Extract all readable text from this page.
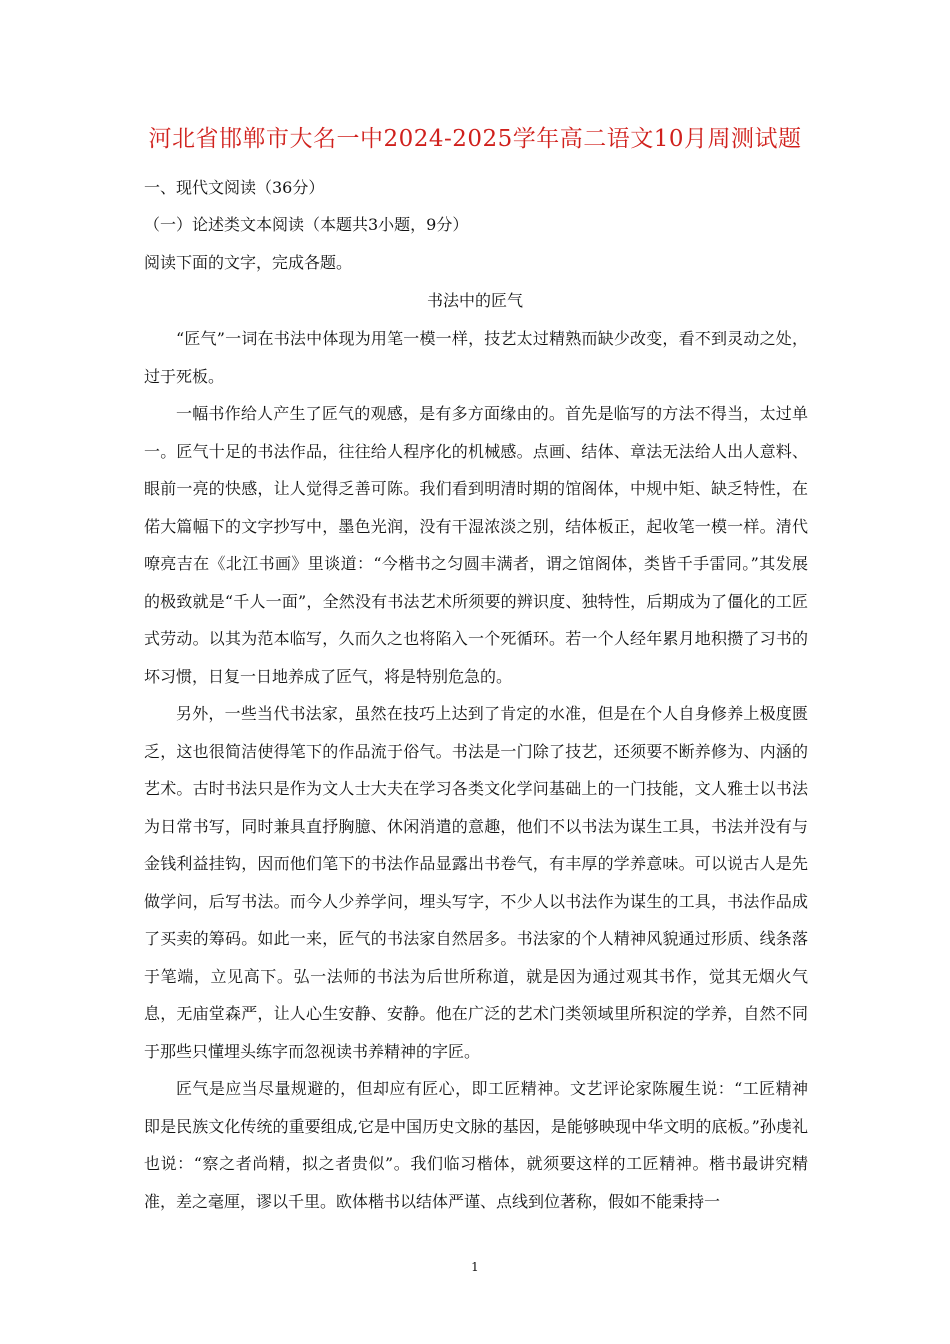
河北省邯郸市大名一中2024-2025学年高二语文10月周测试题
一、现代文阅读（36分）
（一）论述类文本阅读（本题共3小题，9分）
阅读下面的文字，完成各题。
书法中的匠气

“匠气”一词在书法中体现为用笔一模一样，技艺太过精熟而缺少改变，看不到灵动之处，过于死板。

一幅书作给人产生了匠气的观感，是有多方面缘由的。首先是临写的方法不得当，太过单一。匠气十足的书法作品，往往给人程序化的机械感。点画、结体、章法无法给人出人意料、眼前一亮的快感，让人觉得乏善可陈。我们看到明清时期的馆阁体，中规中矩、缺乏特性，在偌大篇幅下的文字抄写中，墨色光润，没有干湿浓淡之别，结体板正，起收笔一模一样。清代嘹亮吉在《北江书画》里谈道：“今楷书之匀圆丰满者，谓之馆阁体，类皆千手雷同。”其发展的极致就是“千人一面”，全然没有书法艺术所须要的辨识度、独特性，后期成为了僵化的工匠式劳动。以其为范本临写，久而久之也将陷入一个死循环。若一个人经年累月地积攒了习书的坏习惯，日复一日地养成了匠气，将是特别危急的。

另外，一些当代书法家，虽然在技巧上达到了肯定的水准，但是在个人自身修养上极度匮乏，这也很简洁使得笔下的作品流于俗气。书法是一门除了技艺，还须要不断养修为、内涵的艺术。古时书法只是作为文人士大夫在学习各类文化学问基础上的一门技能，文人雅士以书法为日常书写，同时兼具直抒胸臆、休闲消遣的意趣，他们不以书法为谋生工具，书法并没有与金钱利益挂钩，因而他们笔下的书法作品显露出书卷气，有丰厚的学养意味。可以说古人是先做学问，后写书法。而今人少养学问，埋头写字，不少人以书法作为谋生的工具，书法作品成了买卖的筹码。如此一来，匠气的书法家自然居多。书法家的个人精神风貌通过形质、线条落于笔端，立见高下。弘一法师的书法为后世所称道，就是因为通过观其书作，觉其无烟火气息，无庙堂森严，让人心生安静、安静。他在广泛的艺术门类领域里所积淀的学养，自然不同于那些只懂埋头练字而忽视读书养精神的字匠。

匠气是应当尽量规避的，但却应有匠心，即工匠精神。文艺评论家陈履生说：“工匠精神即是民族文化传统的重要组成,它是中国历史文脉的基因，是能够映现中华文明的底板。”孙虔礼也说：“察之者尚精，拟之者贵似”。我们临习楷体，就须要这样的工匠精神。楷书最讲究精准，差之毫厘，谬以千里。欧体楷书以结体严谨、点线到位著称，假如不能秉持一

1
